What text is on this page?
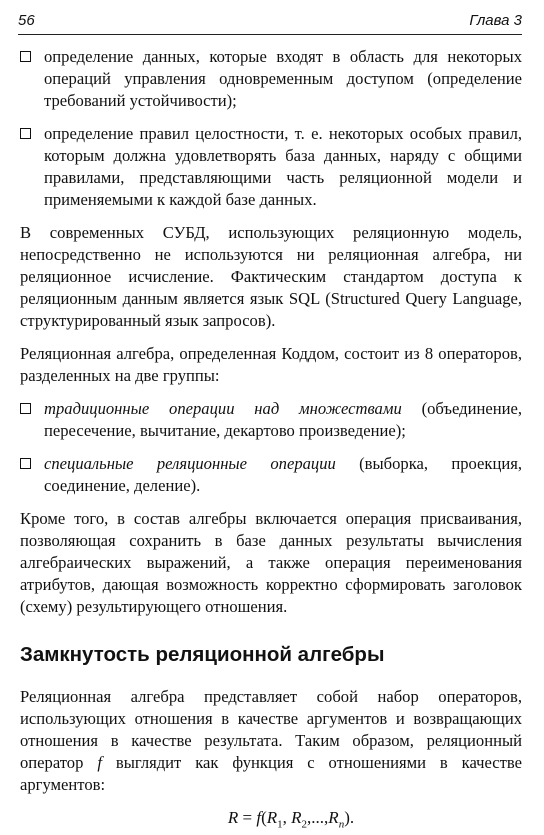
56	Глава 3
определение данных, которые входят в область для некоторых операций управления одновременным доступом (определение требований устойчивости);
определение правил целостности, т. е. некоторых особых правил, которым должна удовлетворять база данных, наряду с общими правилами, представляющими часть реляционной модели и применяемыми к каждой базе данных.

В современных СУБД, использующих реляционную модель, непосредственно не используются ни реляционная алгебра, ни реляционное исчисление. Фактическим стандартом доступа к реляционным данным является язык SQL (Structured Query Language, структурированный язык запросов).

Реляционная алгебра, определенная Коддом, состоит из 8 операторов, разделенных на две группы:

традиционные операции над множествами (объединение, пересечение, вычитание, декартово произведение);
специальные реляционные операции (выборка, проекция, соединение, деление).

Кроме того, в состав алгебры включается операция присваивания, позволяющая сохранить в базе данных результаты вычисления алгебраических выражений, а также операция переименования атрибутов, дающая возможность корректно сформировать заголовок (схему) результирующего отношения.

Замкнутость реляционной алгебры

Реляционная алгебра представляет собой набор операторов, использующих отношения в качестве аргументов и возвращающих отношения в качестве результата. Таким образом, реляционный оператор f выглядит как функция с отношениями в качестве аргументов:

$R = f(R_1$, $R_2,...,R_n$).
